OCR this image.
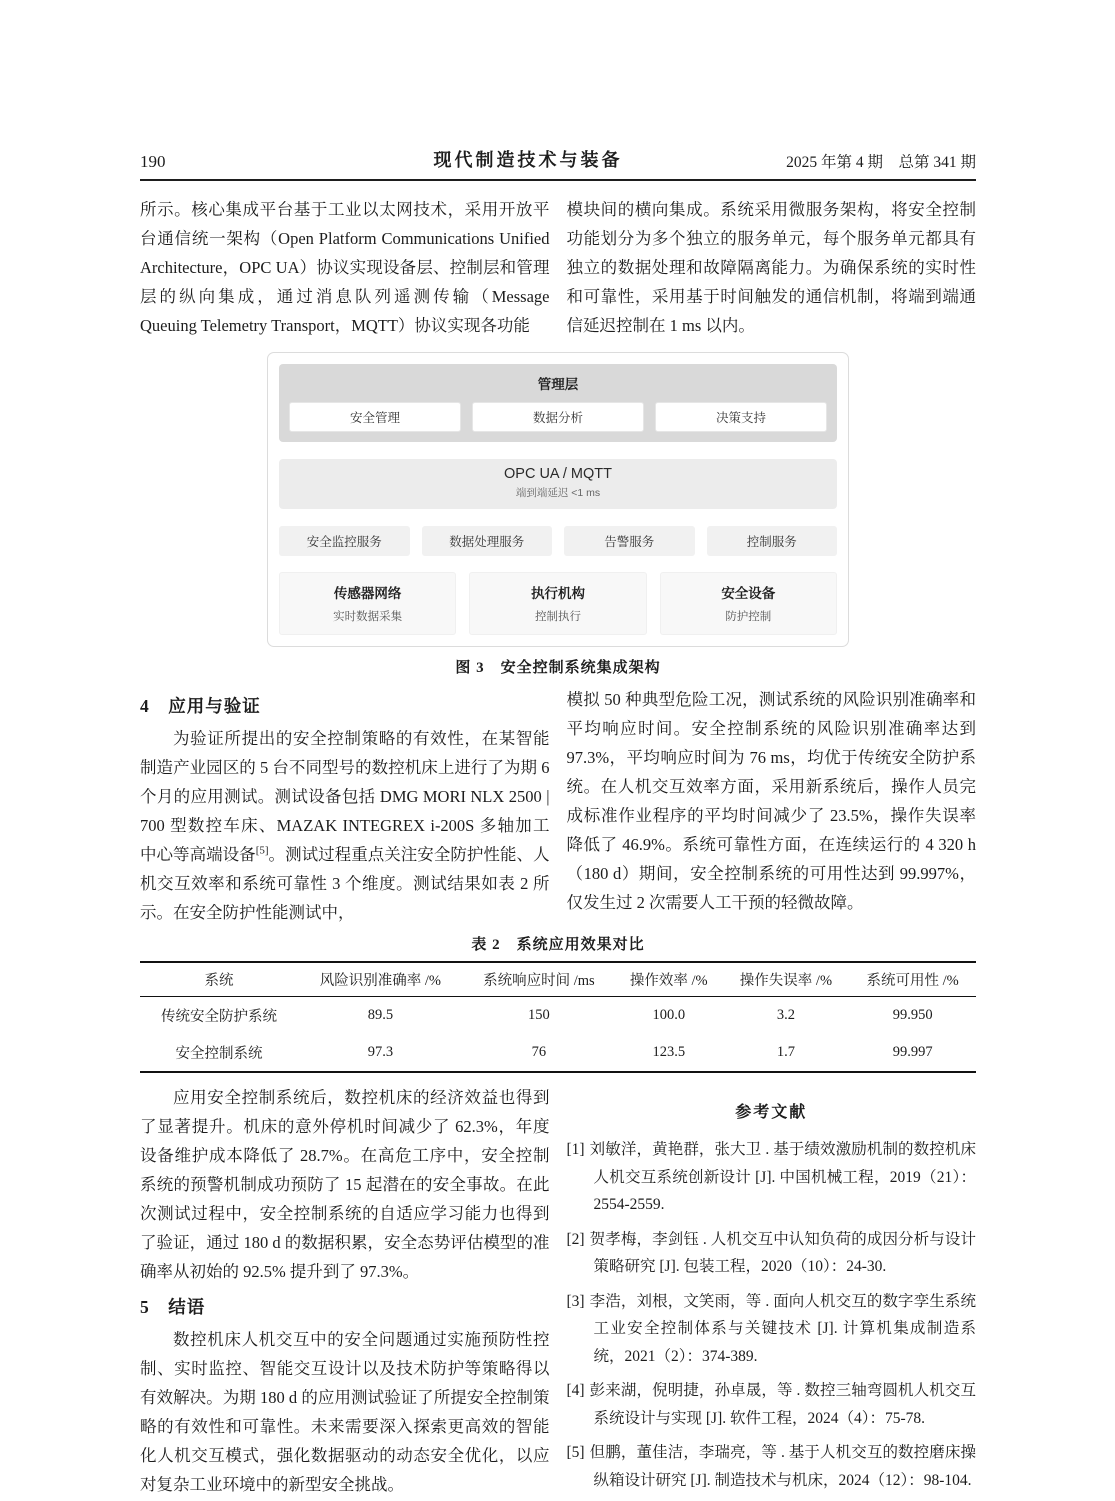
190	现代制造技术与装备	2025 年第 4 期　总第 341 期

所示。核心集成平台基于工业以太网技术，采用开放平台通信统一架构（Open Platform Communications Unified Architecture，OPC UA）协议实现设备层、控制层和管理层的纵向集成，通过消息队列遥测传输（Message Queuing Telemetry Transport，MQTT）协议实现各功能

模块间的横向集成。系统采用微服务架构，将安全控制功能划分为多个独立的服务单元，每个服务单元都具有独立的数据处理和故障隔离能力。为确保系统的实时性和可靠性，采用基于时间触发的通信机制，将端到端通信延迟控制在 1 ms 以内。

管理层
安全管理	数据分析	决策支持
OPC UA / MQTT
端到端延迟 <1 ms
安全监控服务	数据处理服务	告警服务	控制服务
传感器网络
实时数据采集
执行机构
控制执行
安全设备
防护控制
图 3　安全控制系统集成架构
4　应用与验证

为验证所提出的安全控制策略的有效性，在某智能制造产业园区的 5 台不同型号的数控机床上进行了为期 6 个月的应用测试。测试设备包括 DMG MORI NLX 2500 | 700 型数控车床、MAZAK INTEGREX i-200S 多轴加工中心等高端设备[5]。测试过程重点关注安全防护性能、人机交互效率和系统可靠性 3 个维度。测试结果如表 2 所示。在安全防护性能测试中，

模拟 50 种典型危险工况，测试系统的风险识别准确率和平均响应时间。安全控制系统的风险识别准确率达到 97.3%，平均响应时间为 76 ms，均优于传统安全防护系统。在人机交互效率方面，采用新系统后，操作人员完成标准作业程序的平均时间减少了 23.5%，操作失误率降低了 46.9%。系统可靠性方面，在连续运行的 4 320 h（180 d）期间，安全控制系统的可用性达到 99.997%，仅发生过 2 次需要人工干预的轻微故障。

表 2　系统应用效果对比
系统	风险识别准确率 /%	系统响应时间 /ms	操作效率 /%	操作失误率 /%	系统可用性 /%
传统安全防护系统	89.5	150	100.0	3.2	99.950
安全控制系统	97.3	76	123.5	1.7	99.997

应用安全控制系统后，数控机床的经济效益也得到了显著提升。机床的意外停机时间减少了 62.3%，年度设备维护成本降低了 28.7%。在高危工序中，安全控制系统的预警机制成功预防了 15 起潜在的安全事故。在此次测试过程中，安全控制系统的自适应学习能力也得到了验证，通过 180 d 的数据积累，安全态势评估模型的准确率从初始的 92.5% 提升到了 97.3%。

5　结语

数控机床人机交互中的安全问题通过实施预防性控制、实时监控、智能交互设计以及技术防护等策略得以有效解决。为期 180 d 的应用测试验证了所提安全控制策略的有效性和可靠性。未来需要深入探索更高效的智能化人机交互模式，强化数据驱动的动态安全优化，以应对复杂工业环境中的新型安全挑战。

参考文献
[1] 刘敏洋，黄艳群，张大卫 . 基于绩效激励机制的数控机床人机交互系统创新设计 [J]. 中国机械工程，2019（21）：2554-2559.
[2] 贺孝梅，李剑钰 . 人机交互中认知负荷的成因分析与设计策略研究 [J]. 包装工程，2020（10）：24-30.
[3] 李浩，刘根，文笑雨，等 . 面向人机交互的数字孪生系统工业安全控制体系与关键技术 [J]. 计算机集成制造系统，2021（2）：374-389.
[4] 彭来湖，倪明捷，孙卓晟，等 . 数控三轴弯圆机人机交互系统设计与实现 [J]. 软件工程，2024（4）：75-78.
[5] 但鹏，董佳洁，李瑞亮，等 . 基于人机交互的数控磨床操纵箱设计研究 [J]. 制造技术与机床，2024（12）：98-104.
